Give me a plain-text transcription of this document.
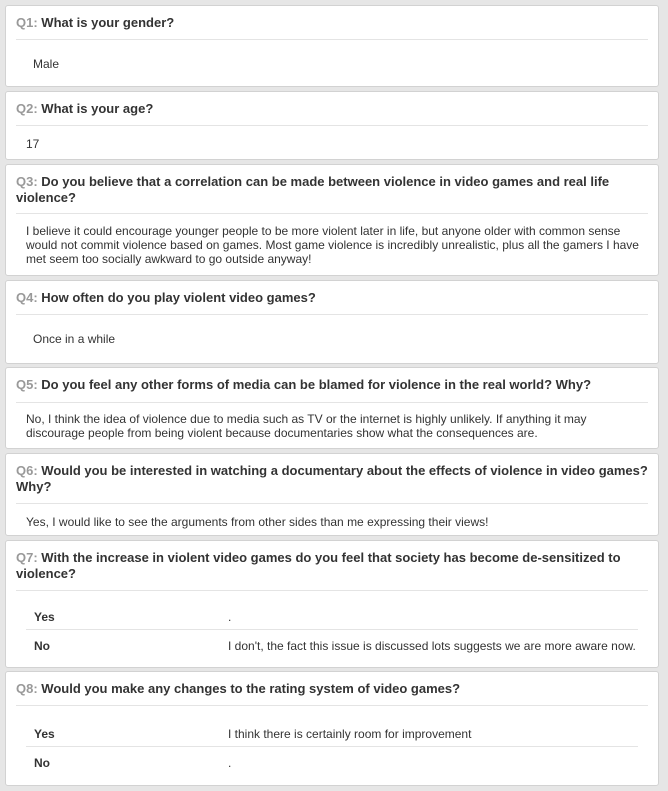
Q1: What is your gender?
Male
Q2: What is your age?
17
Q3: Do you believe that a correlation can be made between violence in video games and real life violence?
I believe it could encourage younger people to be more violent later in life, but anyone older with common sense would not commit violence based on games. Most game violence is incredibly unrealistic, plus all the gamers I have met seem too socially awkward to go outside anyway!
Q4: How often do you play violent video games?
Once in a while
Q5: Do you feel any other forms of media can be blamed for violence in the real world? Why?
No, I think the idea of violence due to media such as TV or the internet is highly unlikely. If anything it may discourage people from being violent because documentaries show what the consequences are.
Q6: Would you be interested in watching a documentary about the effects of violence in video games? Why?
Yes, I would like to see the arguments from other sides than me expressing their views!
Q7: With the increase in violent video games do you feel that society has become de-sensitized to violence?
Yes	.
No	I don't, the fact this issue is discussed lots suggests we are more aware now.
Q8: Would you make any changes to the rating system of video games?
Yes	I think there is certainly room for improvement
No	.
